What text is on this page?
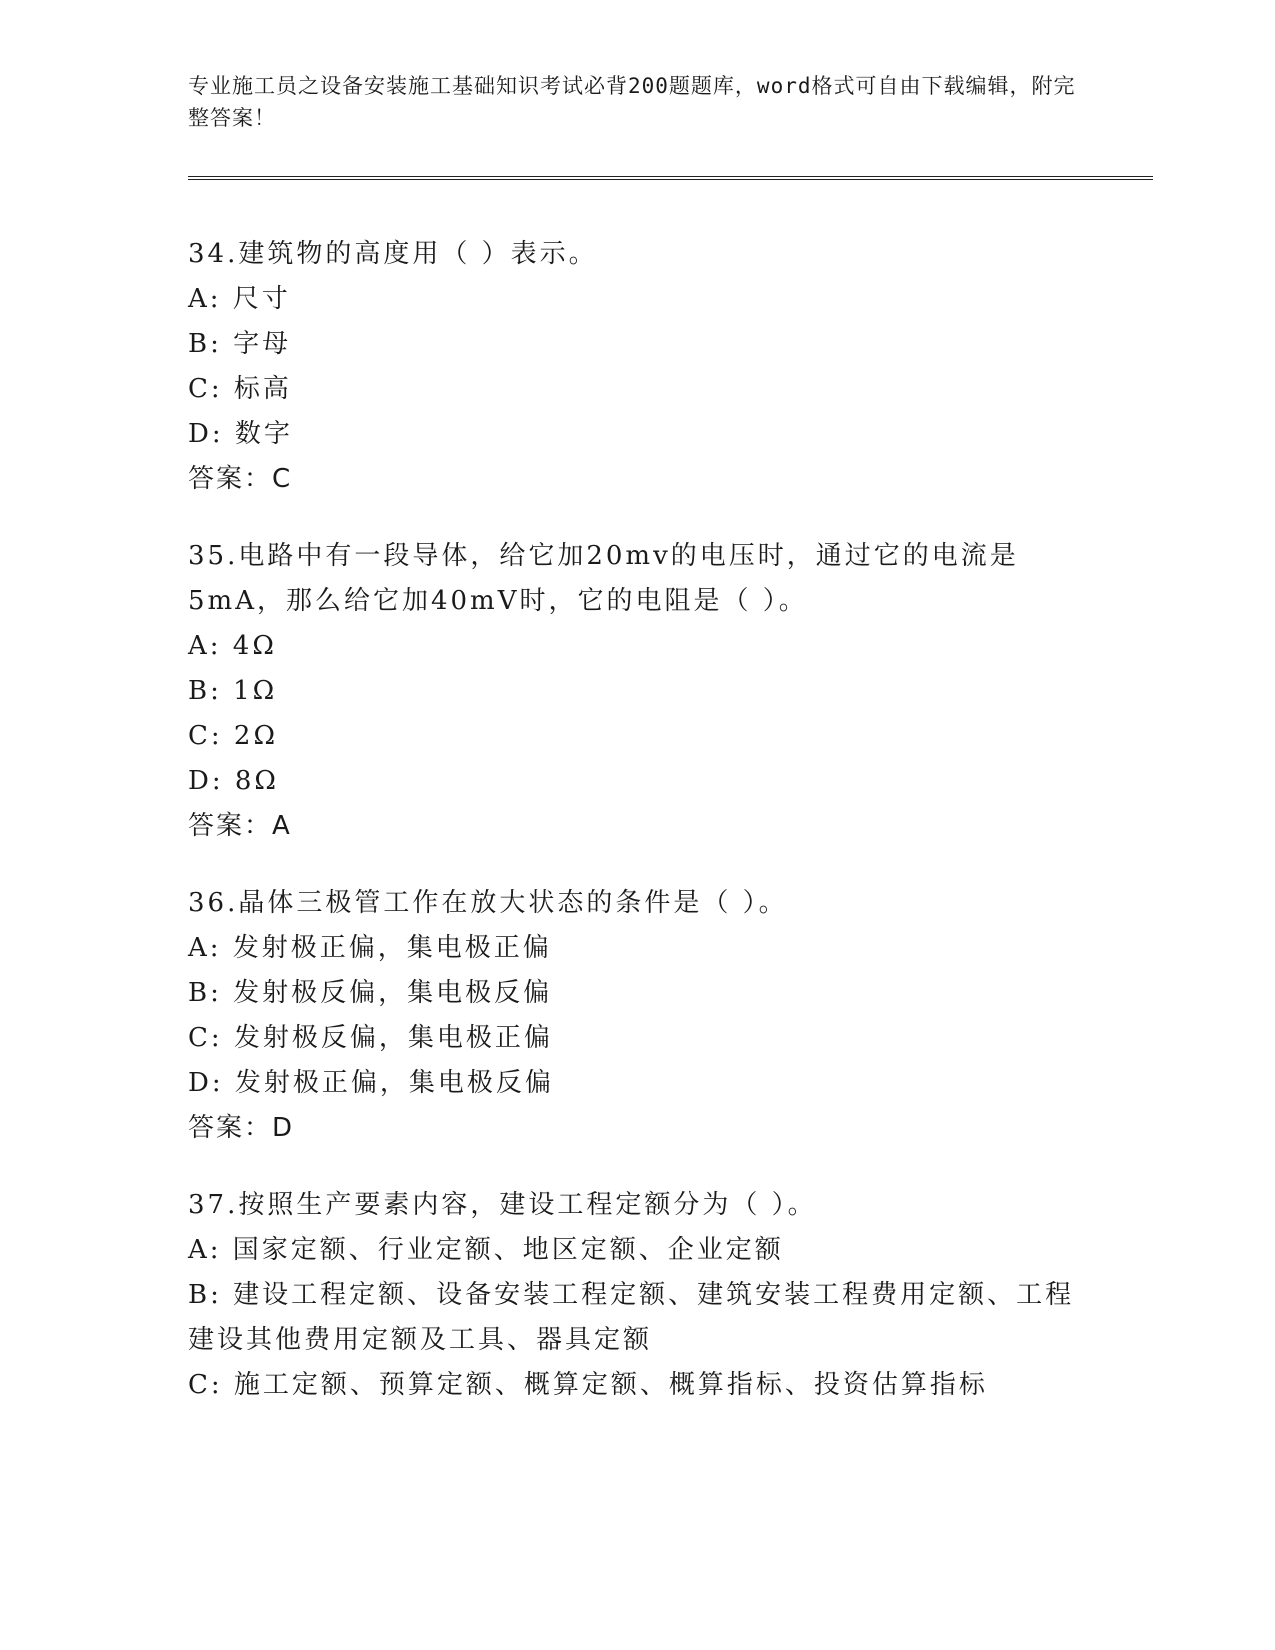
专业施工员之设备安装施工基础知识考试必背200题题库，word格式可自由下载编辑，附完整答案！
34.建筑物的高度用（ ）表示。
A: 尺寸
B: 字母
C: 标高
D: 数字
答案：C
35.电路中有一段导体，给它加20mv的电压时，通过它的电流是5mA，那么给它加40mV时，它的电阻是（ ）。
A: 4Ω
B: 1Ω
C: 2Ω
D: 8Ω
答案：A
36.晶体三极管工作在放大状态的条件是（ ）。
A: 发射极正偏，集电极正偏
B: 发射极反偏，集电极反偏
C: 发射极反偏，集电极正偏
D: 发射极正偏，集电极反偏
答案：D
37.按照生产要素内容，建设工程定额分为（ ）。
A: 国家定额、行业定额、地区定额、企业定额
B: 建设工程定额、设备安装工程定额、建筑安装工程费用定额、工程建设其他费用定额及工具、器具定额
C: 施工定额、预算定额、概算定额、概算指标、投资估算指标
